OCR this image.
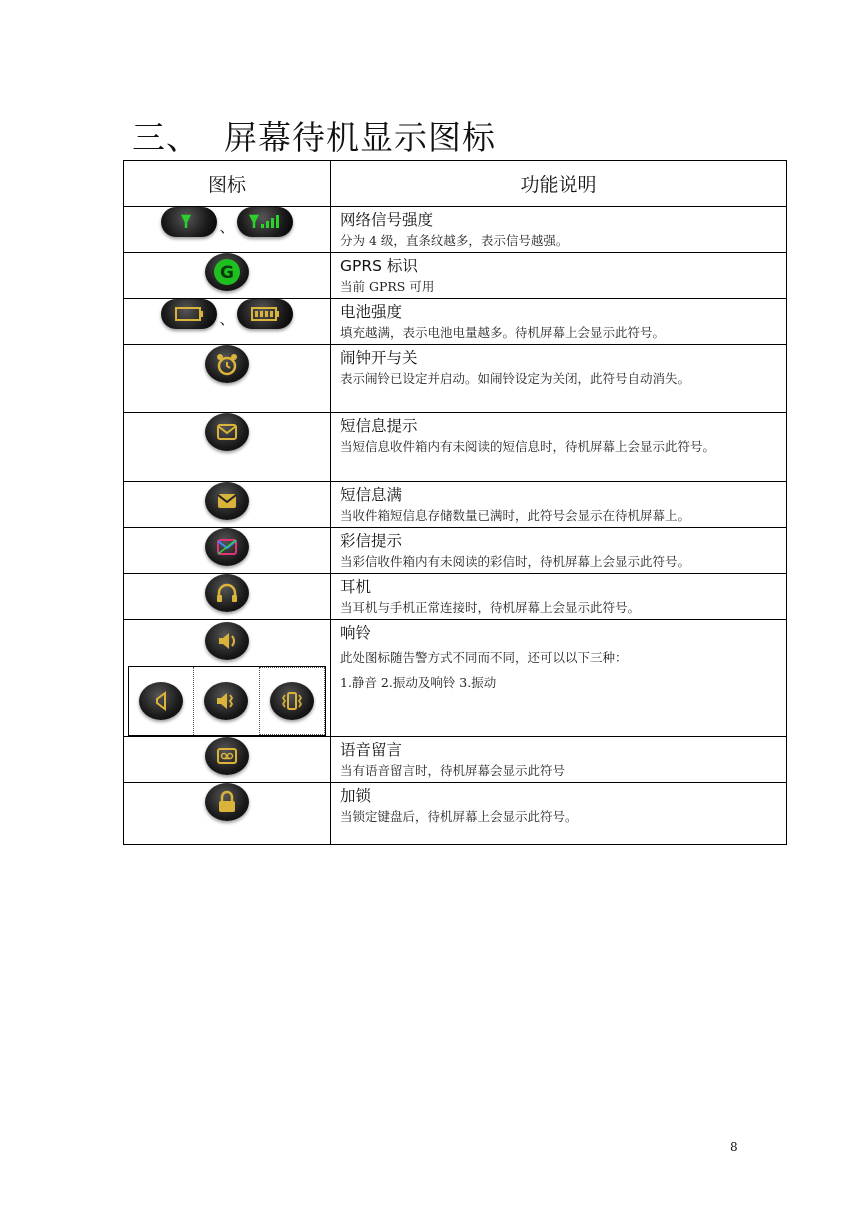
三、 屏幕待机显示图标
图标	功能说明

、	网络信号强度
分为 4 级，直条纹越多，表示信号越强。

G	GPRS 标识
当前 GPRS 可用

、	电池强度
填充越满，表示电池电量越多。待机屏幕上会显示此符号。

闹钟开与关
表示闹铃已设定并启动。如闹铃设定为关闭，此符号自动消失。

短信息提示
当短信息收件箱内有未阅读的短信息时，待机屏幕上会显示此符号。

短信息满
当收件箱短信息存储数量已满时，此符号会显示在待机屏幕上。

彩信提示
当彩信收件箱内有未阅读的彩信时，待机屏幕上会显示此符号。

耳机
当耳机与手机正常连接时，待机屏幕上会显示此符号。

响铃
此处图标随告警方式不同而不同，还可以以下三种：
1.静音 2.振动及响铃 3.振动

语音留言
当有语音留言时，待机屏幕会显示此符号

加锁
当锁定键盘后，待机屏幕上会显示此符号。
8
